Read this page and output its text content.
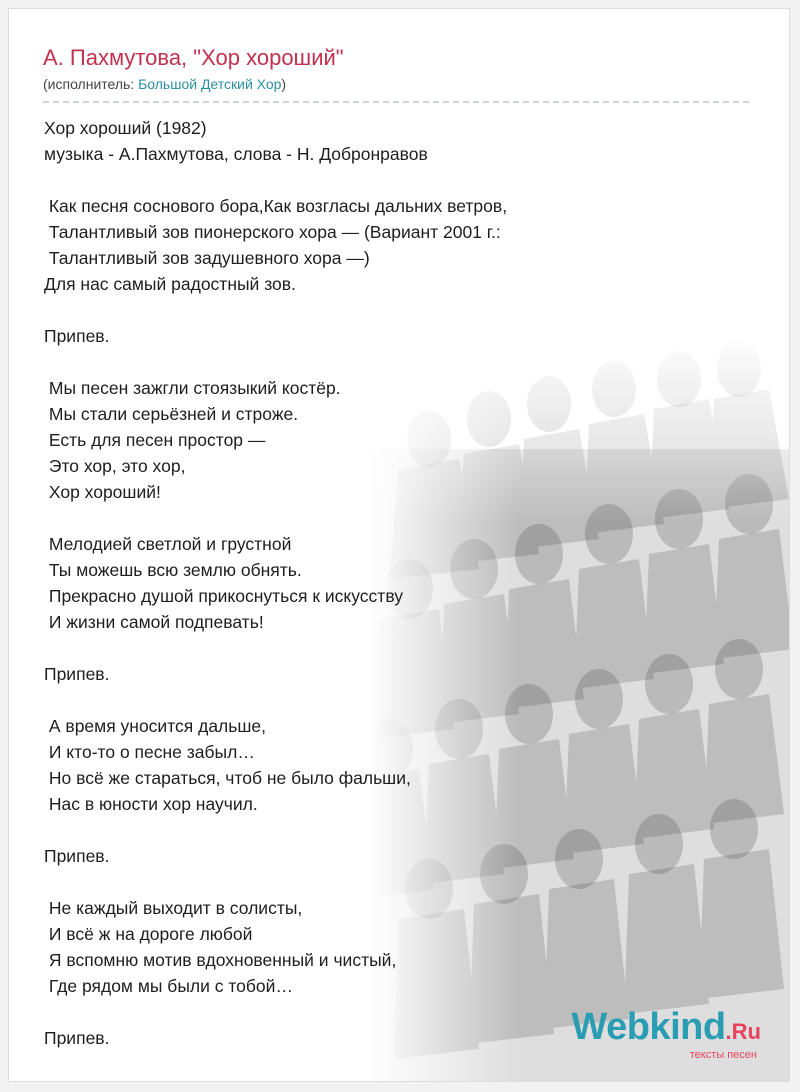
А. Пахмутова, "Хор хороший"
(исполнитель: Большой Детский Хор)
Хор хороший (1982)
музыка - А.Пахмутова, слова - Н. Добронравов
Как песня соснового бора,Как возгласы дальних ветров,
Талантливый зов пионерского хора — (Вариант 2001 г.:
Талантливый зов задушевного хора —)
Для нас самый радостный зов.
Припев.
Мы песен зажгли стоязыкий костёр.
Мы стали серьёзней и строже.
Есть для песен простор —
Это хор, это хор,
Хор хороший!
Мелодией светлой и грустной
Ты можешь всю землю обнять.
Прекрасно душой прикоснуться к искусству
И жизни самой подпевать!
Припев.
А время уносится дальше,
И кто-то о песне забыл…
Но всё же стараться, чтоб не было фальши,
Нас в юности хор научил.
Припев.
Не каждый выходит в солисты,
И всё ж на дороге любой
Я вспомню мотив вдохновенный и чистый,
Где рядом мы были с тобой…
Припев.	Webkind.Ru
тексты песен
